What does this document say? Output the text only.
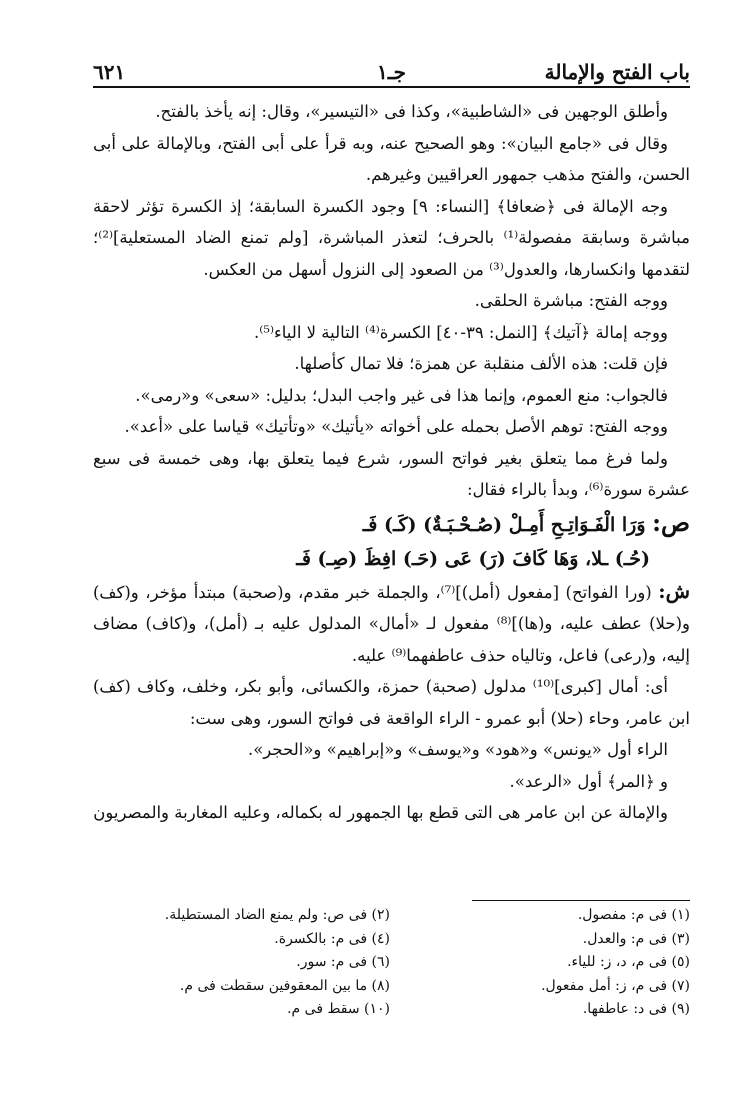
باب الفتح والإمالة
جـ١
٦٢١

وأطلق الوجهين فى «الشاطبية»، وكذا فى «التيسير»، وقال: إنه يأخذ بالفتح.

وقال فى «جامع البيان»: وهو الصحيح عنه، وبه قرأ على أبى الفتح، وبالإمالة على أبى الحسن، والفتح مذهب جمهور العراقيين وغيرهم.

وجه الإمالة فى ﴿ضعافا﴾ [النساء: ٩] وجود الكسرة السابقة؛ إذ الكسرة تؤثر لاحقة مباشرة وسابقة مفصولة⁽¹⁾ بالحرف؛ لتعذر المباشرة، [ولم تمنع الضاد المستعلية]⁽²⁾؛ لتقدمها وانكسارها، والعدول⁽³⁾ من الصعود إلى النزول أسهل من العكس.

ووجه الفتح: مباشرة الحلقى.

ووجه إمالة ﴿آتيك﴾ [النمل: ٣٩-٤٠] الكسرة⁽⁴⁾ التالية لا الياء⁽⁵⁾.

فإن قلت: هذه الألف منقلبة عن همزة؛ فلا تمال كأصلها.

فالجواب: منع العموم، وإنما هذا فى غير واجب البدل؛ بدليل: «سعى» و«رمى».

ووجه الفتح: توهم الأصل بحمله على أخواته «يأتيك» «وتأتيك» قياسا على «أعد».

ولما فرغ مما يتعلق بغير فواتح السور، شرع فيما يتعلق بها، وهى خمسة فى سبع عشرة سورة⁽⁶⁾، وبدأ بالراء فقال:

ص: وَرَا الْفَـوَاتِـحِ أَمِـلْ (صُـحْـبَـةٌ) (كَـ) فَـ

(حُـ) ـلا، وَهَا كَافَ (رَ) عَى (حَـ) افِظَ (صِـ) فَـ

ش: (ورا الفواتح) [مفعول (أمل)]⁽⁷⁾، والجملة خبر مقدم، و(صحبة) مبتدأ مؤخر، و(كف) و(حلا) عطف عليه، و(ها)]⁽⁸⁾ مفعول لـ «أمال» المدلول عليه بـ (أمل)، و(كاف) مضاف إليه، و(رعى) فاعل، وتالياه حذف عاطفهما⁽⁹⁾ عليه.

أى: أمال [كبرى]⁽¹⁰⁾ مدلول (صحبة) حمزة، والكسائى، وأبو بكر، وخلف، وكاف (كف) ابن عامر، وحاء (حلا) أبو عمرو - الراء الواقعة فى فواتح السور، وهى ست:

الراء أول «يونس» و«هود» و«يوسف» و«إبراهيم» و«الحجر».

و ﴿المر﴾ أول «الرعد».

والإمالة عن ابن عامر هى التى قطع بها الجمهور له بكماله، وعليه المغاربة والمصريون

(١) فى م: مفصول.
(٣) فى م: والعدل.
(٥) فى م، د، ز: للياء.
(٧) فى م، ز: أمل مفعول.
(٩) فى د: عاطفها.
(٢) فى ص: ولم يمنع الضاد المستطيلة.
(٤) فى م: بالكسرة.
(٦) فى م: سور.
(٨) ما بين المعقوفين سقطت فى م.
(١٠) سقط فى م.
